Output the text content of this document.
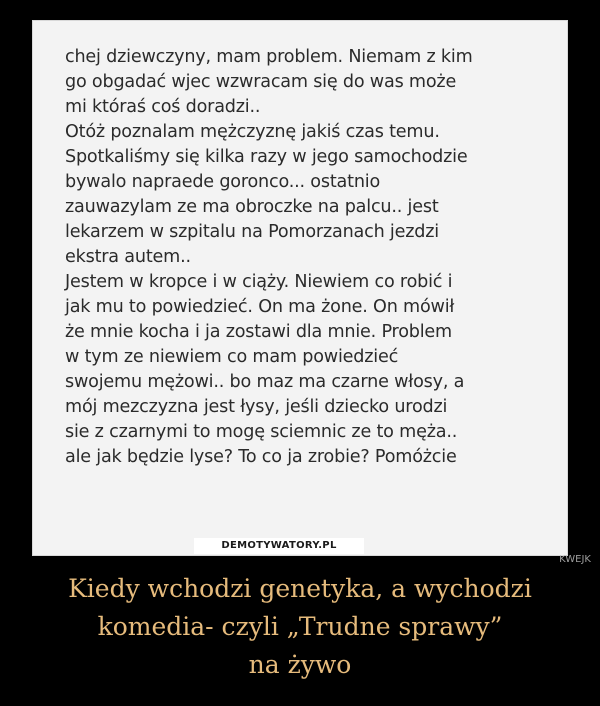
chej dziewczyny, mam problem. Niemam z kim
go obgadać wjec wzwracam się do was może
mi któraś coś doradzi..
Otóż poznalam mężczyznę jakiś czas temu.
Spotkaliśmy się kilka razy w jego samochodzie
bywalo napraede goronco... ostatnio
zauwazylam ze ma obroczke na palcu.. jest
lekarzem w szpitalu na Pomorzanach jezdzi
ekstra autem..
Jestem w kropce i w ciąży. Niewiem co robić i
jak mu to powiedzieć. On ma żone. On mówił
że mnie kocha i ja zostawi dla mnie. Problem
w tym ze niewiem co mam powiedzieć
swojemu mężowi.. bo maz ma czarne włosy, a
mój mezczyzna jest łysy, jeśli dziecko urodzi
sie z czarnymi to mogę sciemnic ze to męża..
ale jak będzie lyse? To co ja zrobie? Pomóżcie
KWEJK
DEMOTYWATORY.PL
Kiedy wchodzi genetyka, a wychodzi
komedia- czyli „Trudne sprawy”
na żywo
